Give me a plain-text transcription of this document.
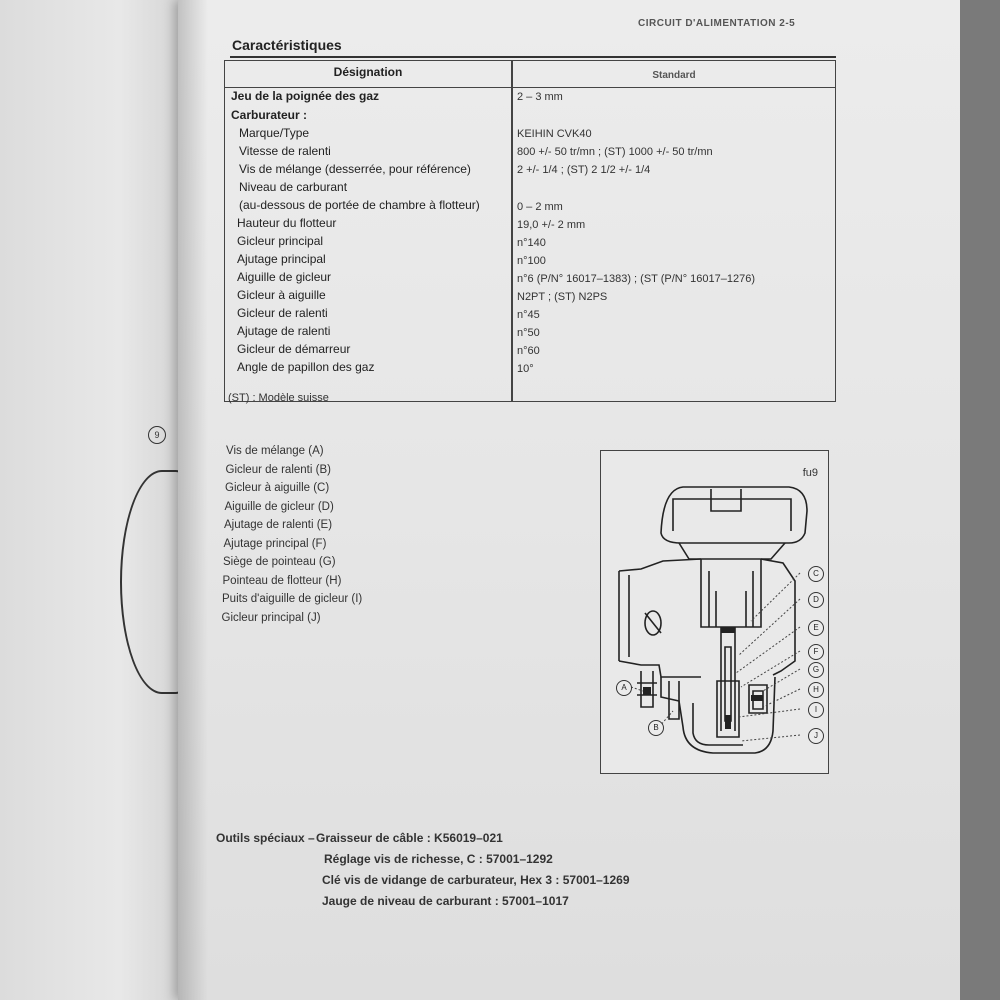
9
CIRCUIT D'ALIMENTATION 2-5
Caractéristiques
Désignation	Standard
Jeu de la poignée des gaz	2 – 3 mm
Carburateur :
Marque/Type	KEIHIN CVK40
Vitesse de ralenti	800 +/- 50 tr/mn ; (ST) 1000 +/- 50 tr/mn
Vis de mélange (desserrée, pour référence)	2 +/- 1/4 ; (ST) 2 1/2 +/- 1/4
Niveau de carburant
(au-dessous de portée de chambre à flotteur)	0 – 2 mm
Hauteur du flotteur	19,0 +/- 2 mm
Gicleur principal	n°140
Ajutage principal	n°100
Aiguille de gicleur	n°6 (P/N° 16017–1383) ; (ST (P/N° 16017–1276)
Gicleur à aiguille	N2PT ; (ST) N2PS
Gicleur de ralenti	n°45
Ajutage de ralenti	n°50
Gicleur de démarreur	n°60
Angle de papillon des gaz	10°
(ST) : Modèle suisse
Vis de mélange (A)
Gicleur de ralenti (B)
Gicleur à aiguille (C)
Aiguille de gicleur (D)
Ajutage de ralenti (E)
Ajutage principal (F)
Siège de pointeau (G)
Pointeau de flotteur (H)
Puits d'aiguille de gicleur (I)
Gicleur principal (J)
fu9
A
B
C
D
E
F
G
H
I
J
Outils spéciaux – Graisseur de câble : K56019–021
Réglage vis de richesse, C : 57001–1292
Clé vis de vidange de carburateur, Hex 3 : 57001–1269
Jauge de niveau de carburant : 57001–1017
